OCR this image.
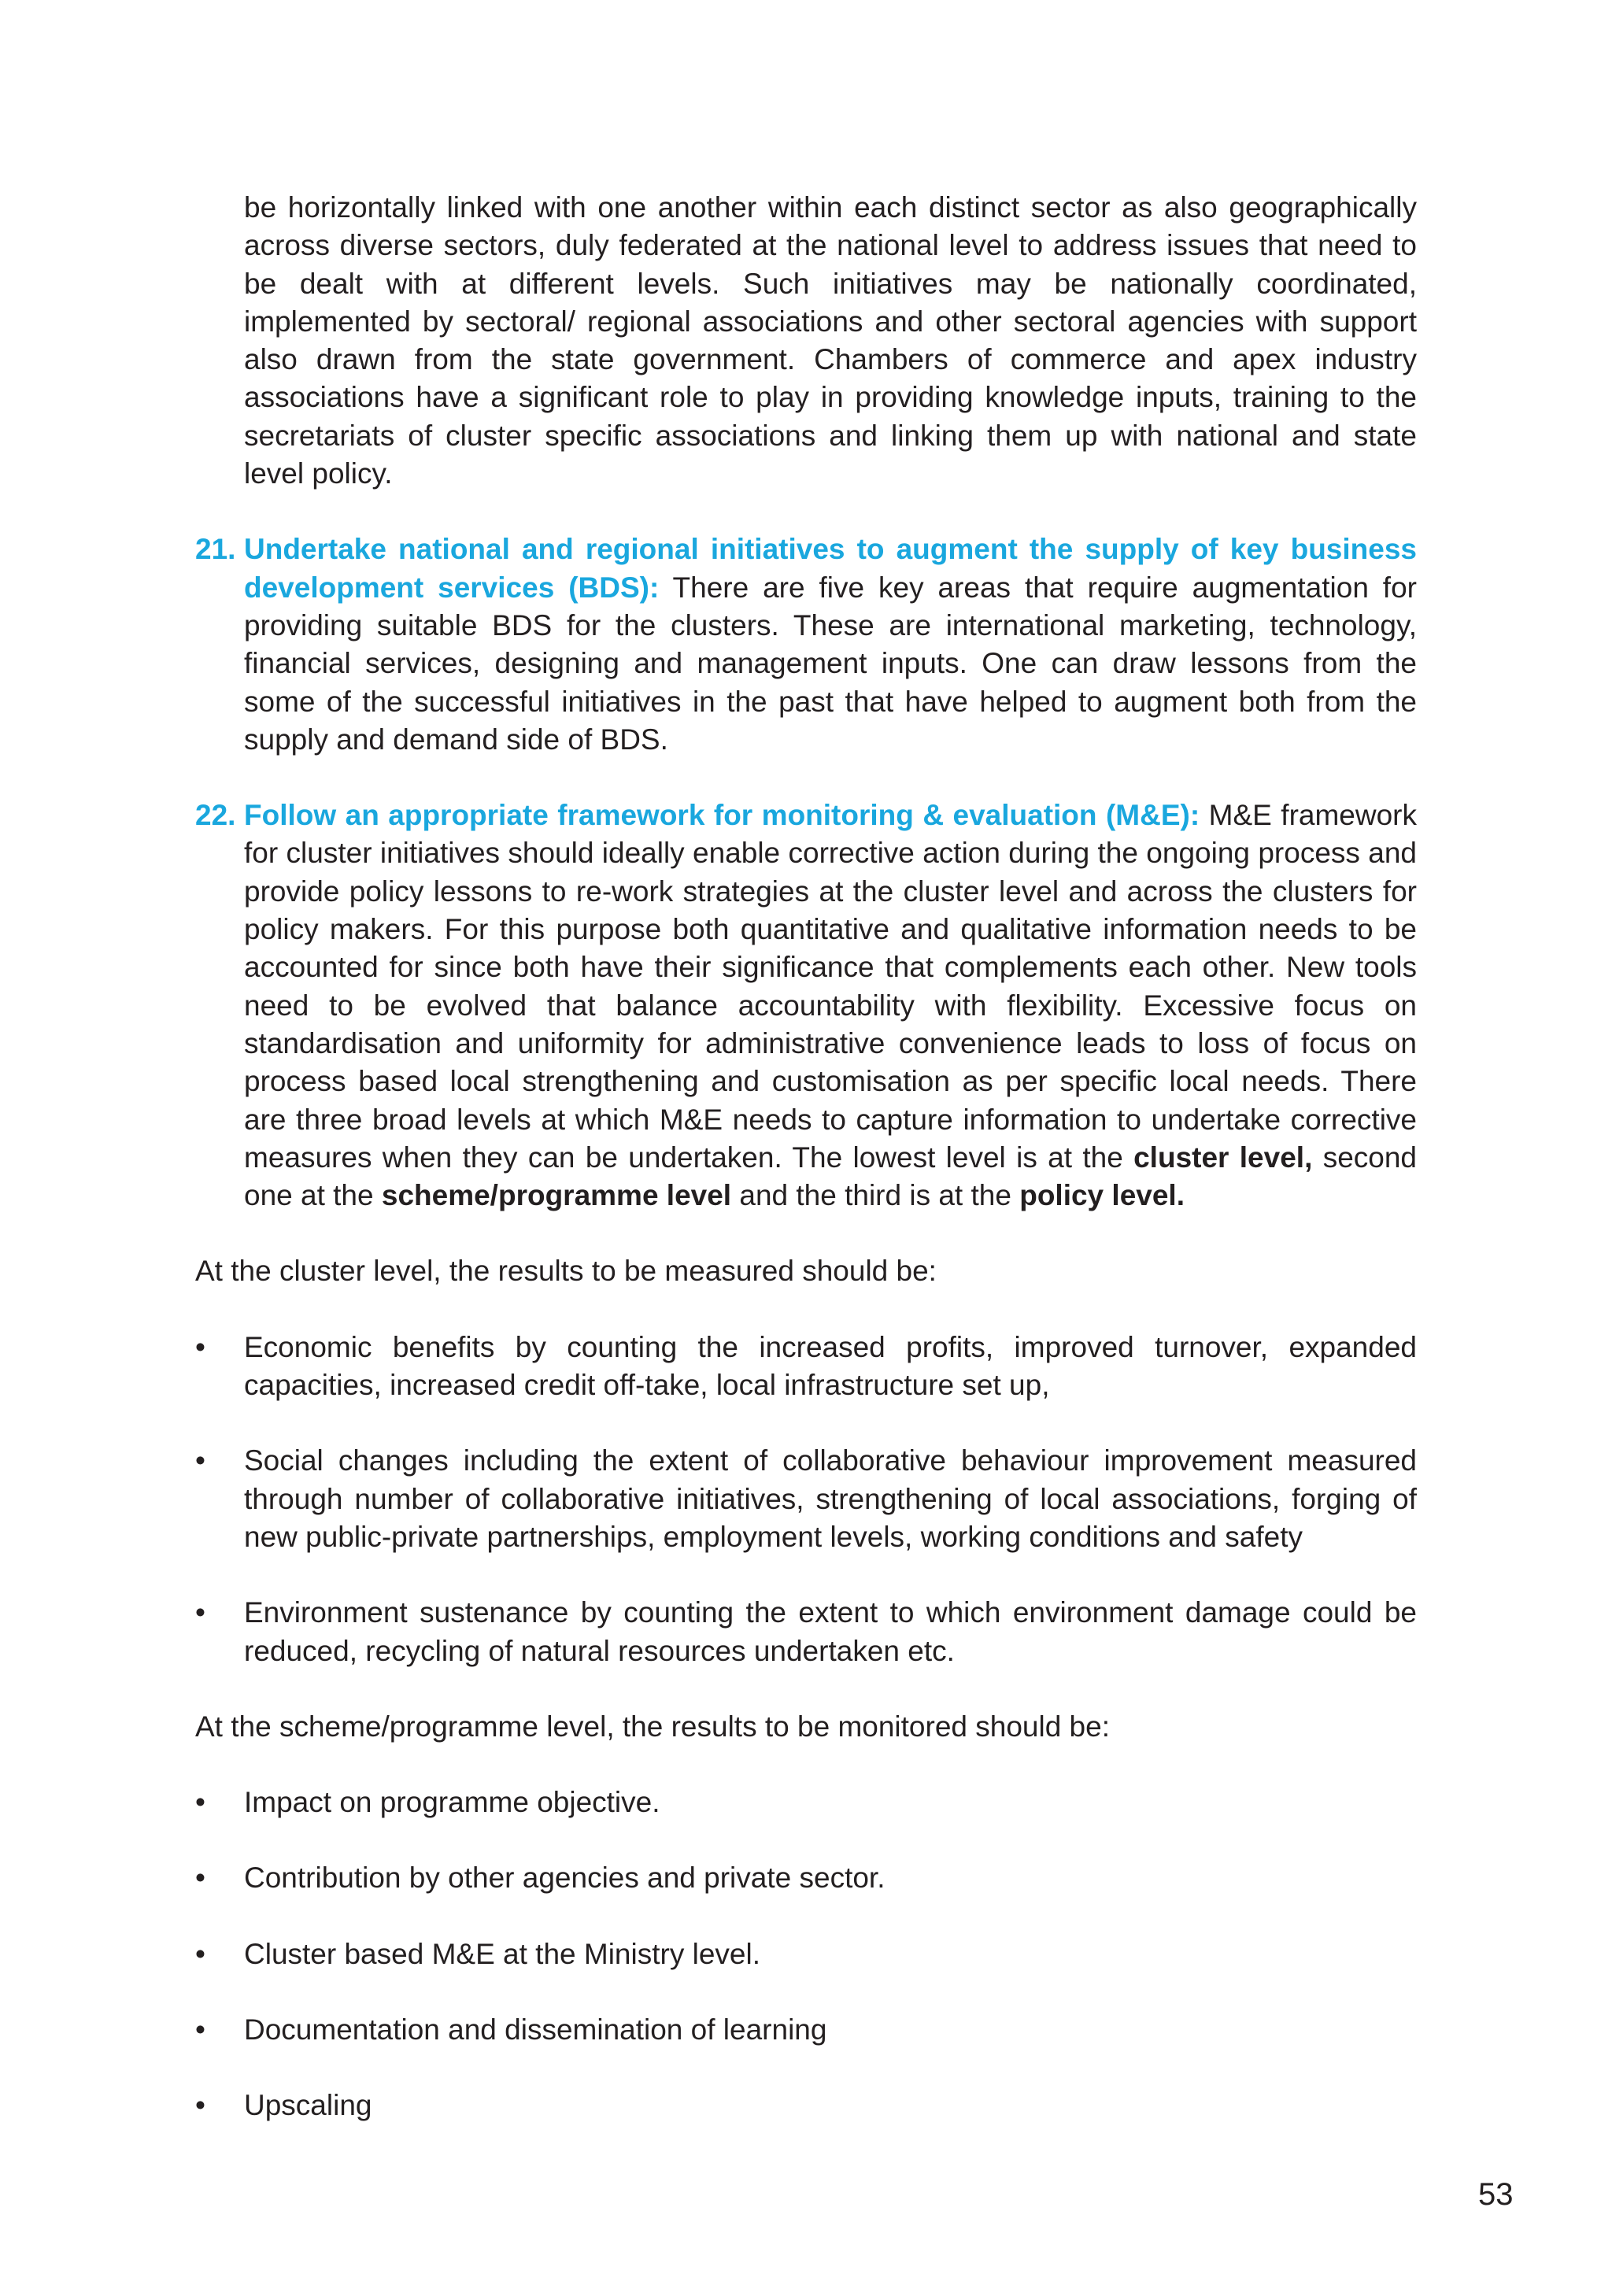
be horizontally linked with one another within each distinct sector as also geographically across diverse sectors, duly federated at the national level to address issues that need to be dealt with at different levels. Such initiatives may be nationally coordinated, implemented by sectoral/ regional associations and other sectoral agencies with support also drawn from the state government. Chambers of commerce and apex industry associations have a significant role to play in providing knowledge inputs, training to the secretariats of cluster specific associations and linking them up with national and state level policy.

21. Undertake national and regional initiatives to augment the supply of key business development services (BDS): There are five key areas that require augmentation for providing suitable BDS for the clusters. These are international marketing, technology, financial services, designing and management inputs. One can draw lessons from the some of the successful initiatives in the past that have helped to augment both from the supply and demand side of BDS.
22. Follow an appropriate framework for monitoring & evaluation (M&E): M&E framework for cluster initiatives should ideally enable corrective action during the ongoing process and provide policy lessons to re-work strategies at the cluster level and across the clusters for policy makers. For this purpose both quantitative and qualitative information needs to be accounted for since both have their significance that complements each other. New tools need to be evolved that balance accountability with flexibility. Excessive focus on standardisation and uniformity for administrative convenience leads to loss of focus on process based local strengthening and customisation as per specific local needs. There are three broad levels at which M&E needs to capture information to undertake corrective measures when they can be undertaken. The lowest level is at the cluster level, second one at the scheme/programme level and the third is at the policy level.

At the cluster level, the results to be measured should be:

• Economic benefits by counting the increased profits, improved turnover, expanded capacities, increased credit off-take, local infrastructure set up,
• Social changes including the extent of collaborative behaviour improvement measured through number of collaborative initiatives, strengthening of local associations, forging of new public-private partnerships, employment levels, working conditions and safety
• Environment sustenance by counting the extent to which environment damage could be reduced, recycling of natural resources undertaken etc.

At the scheme/programme level, the results to be monitored should be:

• Impact on programme objective.
• Contribution by other agencies and private sector.
• Cluster based M&E at the Ministry level.
• Documentation and dissemination of learning
• Upscaling
53
